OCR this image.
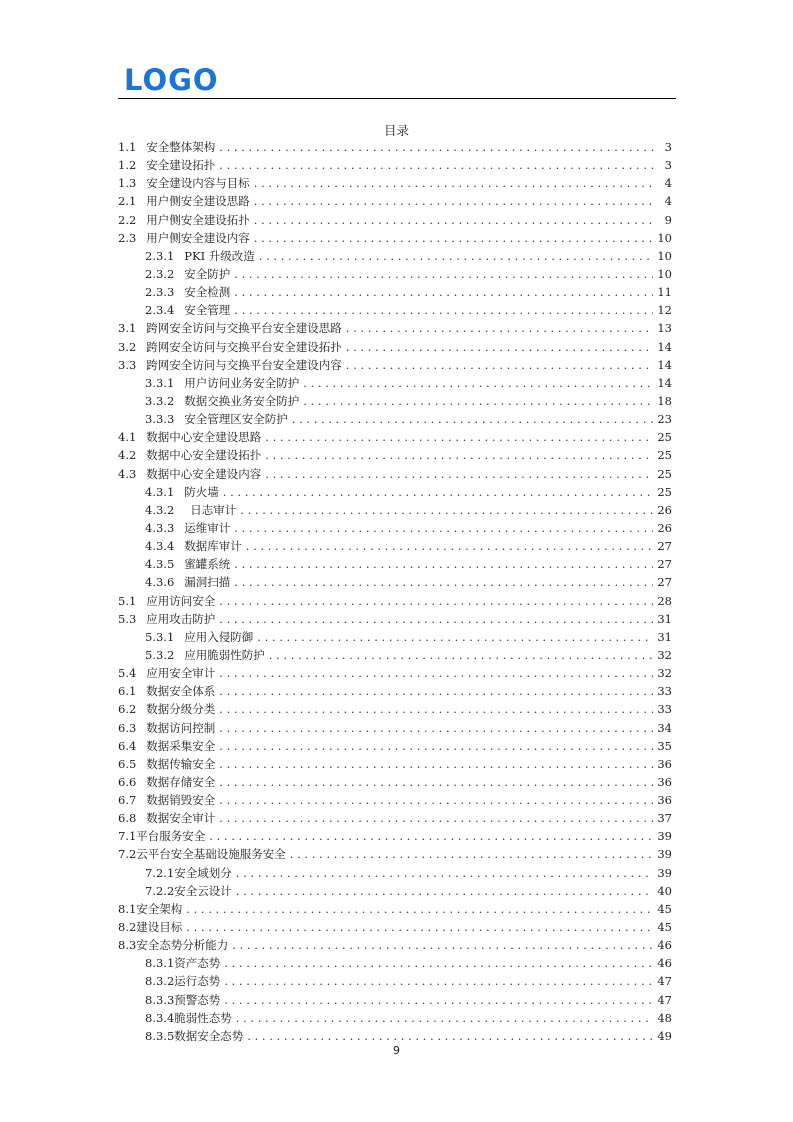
LOGO
目录
1.1 安全整体架构 . . .	3
1.2 安全建设拓扑 . . .	3
1.3 安全建设内容与目标 . . .	4
2.1 用户侧安全建设思路 . . .	4
2.2 用户侧安全建设拓扑 . . .	9
2.3 用户侧安全建设内容 . . .	10
2.3.1 PKI 升级改造 . . .	10
2.3.2 安全防护 . . .	10
2.3.3 安全检测 . . .	11
2.3.4 安全管理 . . .	12
3.1 跨网安全访问与交换平台安全建设思路 . . .	13
3.2 跨网安全访问与交换平台安全建设拓扑 . . .	14
3.3 跨网安全访问与交换平台安全建设内容 . . .	14
3.3.1 用户访问业务安全防护 . . .	14
3.3.2 数据交换业务安全防护 . . .	18
3.3.3 安全管理区安全防护 . . .	23
4.1 数据中心安全建设思路 . . .	25
4.2 数据中心安全建设拓扑 . . .	25
4.3 数据中心安全建设内容 . . .	25
4.3.1 防火墙 . . .	25
4.3.2 日志审计 . . .	26
4.3.3 运维审计 . . .	26
4.3.4 数据库审计 . . .	27
4.3.5 蜜罐系统 . . .	27
4.3.6 漏洞扫描 . . .	27
5.1 应用访问安全 . . .	28
5.3 应用攻击防护 . . .	31
5.3.1 应用入侵防御 . . .	31
5.3.2 应用脆弱性防护 . . .	32
5.4 应用安全审计 . . .	32
6.1 数据安全体系 . . .	33
6.2 数据分级分类 . . .	33
6.3 数据访问控制 . . .	34
6.4 数据采集安全 . . .	35
6.5 数据传输安全 . . .	36
6.6 数据存储安全 . . .	36
6.7 数据销毁安全 . . .	36
6.8 数据安全审计 . . .	37
7.1 平台服务安全 . . .	39
7.2 云平台安全基础设施服务安全 . . .	39
7.2.1 安全域划分 . . .	39
7.2.2 安全云设计 . . .	40
8.1 安全架构 . . .	45
8.2 建设目标 . . .	45
8.3 安全态势分析能力 . . .	46
8.3.1 资产态势 . . .	46
8.3.2 运行态势 . . .	47
8.3.3 预警态势 . . .	47
8.3.4 脆弱性态势 . . .	48
8.3.5 数据安全态势 . . .	49
9
